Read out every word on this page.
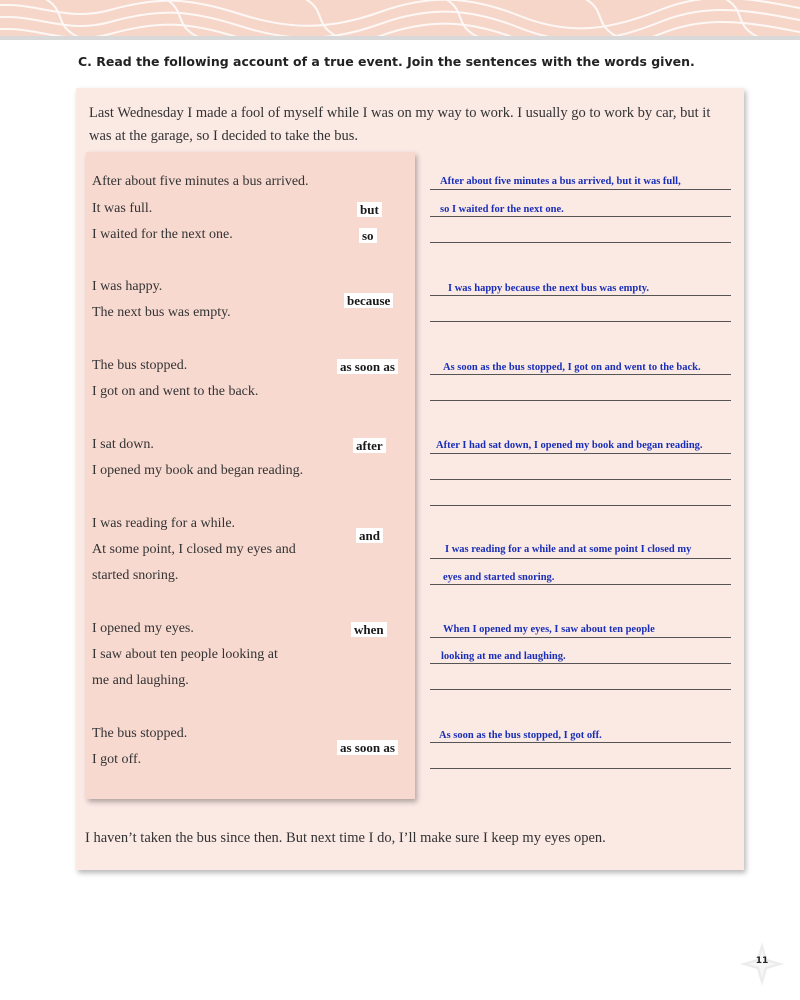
C. Read the following account of a true event. Join the sentences with the words given.
Last Wednesday I made a fool of myself while I was on my way to work. I usually go to work by car, but it was at the garage, so I decided to take the bus.
After about five minutes a bus arrived.
It was full.
I waited for the next one.
I was happy.
The next bus was empty.
The bus stopped.
I got on and went to the back.
I sat down.
I opened my book and began reading.
I was reading for a while.
At some point, I closed my eyes and
started snoring.
I opened my eyes.
I saw about ten people looking at
me and laughing.
The bus stopped.
I got off.
but
so
because
as soon as
after
and
when
as soon as
After about five minutes a bus arrived, but it was full,
so I waited for the next one.
I was happy because the next bus was empty.
As soon as the bus stopped, I got on and went to the back.
After I had sat down, I opened my book and began reading.
I was reading for a while and at some point I closed my
eyes and started snoring.
When I opened my eyes, I saw about ten people
looking at me and laughing.
As soon as the bus stopped, I got off.
I haven’t taken the bus since then. But next time I do, I’ll make sure I keep my eyes open.
11
